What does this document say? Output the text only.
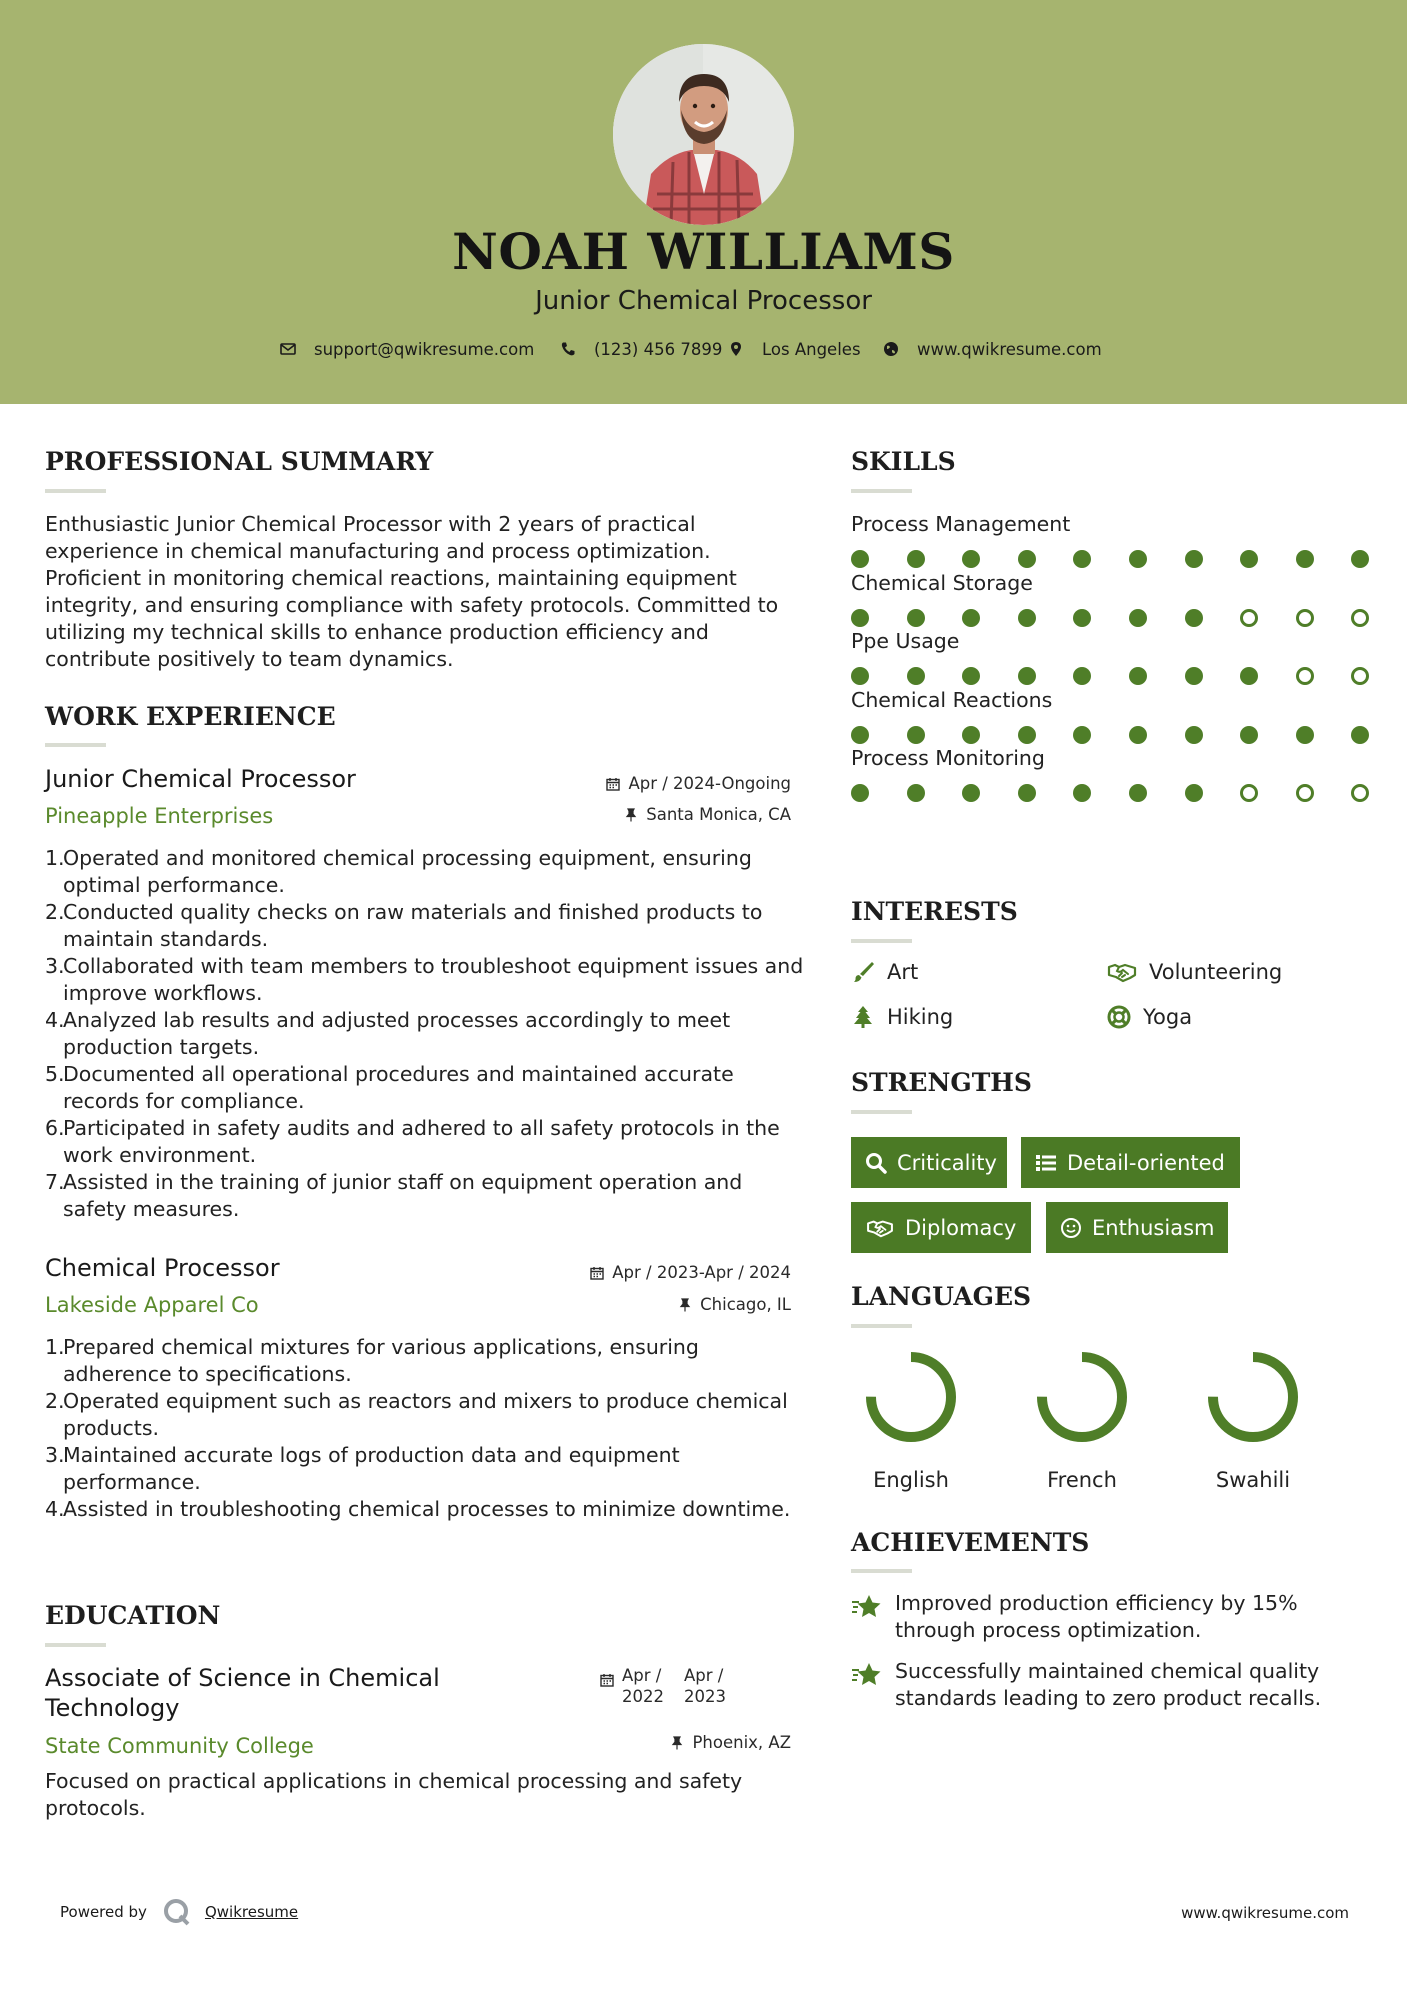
NOAH WILLIAMS
Junior Chemical Processor
support@qwikresume.com	(123) 456 7899 Los Angeles	www.qwikresume.com
PROFESSIONAL SUMMARY
Enthusiastic Junior Chemical Processor with 2 years of practical experience in chemical manufacturing and process optimization. Proficient in monitoring chemical reactions, maintaining equipment integrity, and ensuring compliance with safety protocols. Committed to utilizing my technical skills to enhance production efficiency and contribute positively to team dynamics.
WORK EXPERIENCE
Junior Chemical Processor	Apr / 2024-Ongoing
Pineapple Enterprises	Santa Monica, CA
1.
Operated and monitored chemical processing equipment, ensuring optimal performance.
2.
Conducted quality checks on raw materials and finished products to maintain standards.
3.
Collaborated with team members to troubleshoot equipment issues and improve workflows.
4.
Analyzed lab results and adjusted processes accordingly to meet production targets.
5.
Documented all operational procedures and maintained accurate records for compliance.
6.
Participated in safety audits and adhered to all safety protocols in the work environment.
7.
Assisted in the training of junior staff on equipment operation and safety measures.
Chemical Processor	Apr / 2023-Apr / 2024
Lakeside Apparel Co	Chicago, IL
1.
Prepared chemical mixtures for various applications, ensuring adherence to specifications.
2.
Operated equipment such as reactors and mixers to produce chemical products.
3.
Maintained accurate logs of production data and equipment performance.
4.
Assisted in troubleshooting chemical processes to minimize downtime.
EDUCATION
Associate of Science in Chemical Technology
Apr / 2022
Apr / 2023
State Community College	Phoenix, AZ
Focused on practical applications in chemical processing and safety protocols.
SKILLS
Process Management
Chemical Storage
Ppe Usage
Chemical Reactions
Process Monitoring
INTERESTS
Art	Volunteering
Hiking	Yoga
STRENGTHS
Criticality	Detail-oriented
Diplomacy	Enthusiasm
LANGUAGES
English	French	Swahili
ACHIEVEMENTS
Improved production efficiency by 15% through process optimization.
Successfully maintained chemical quality standards leading to zero product recalls.
Powered by	Qwikresume	www.qwikresume.com
